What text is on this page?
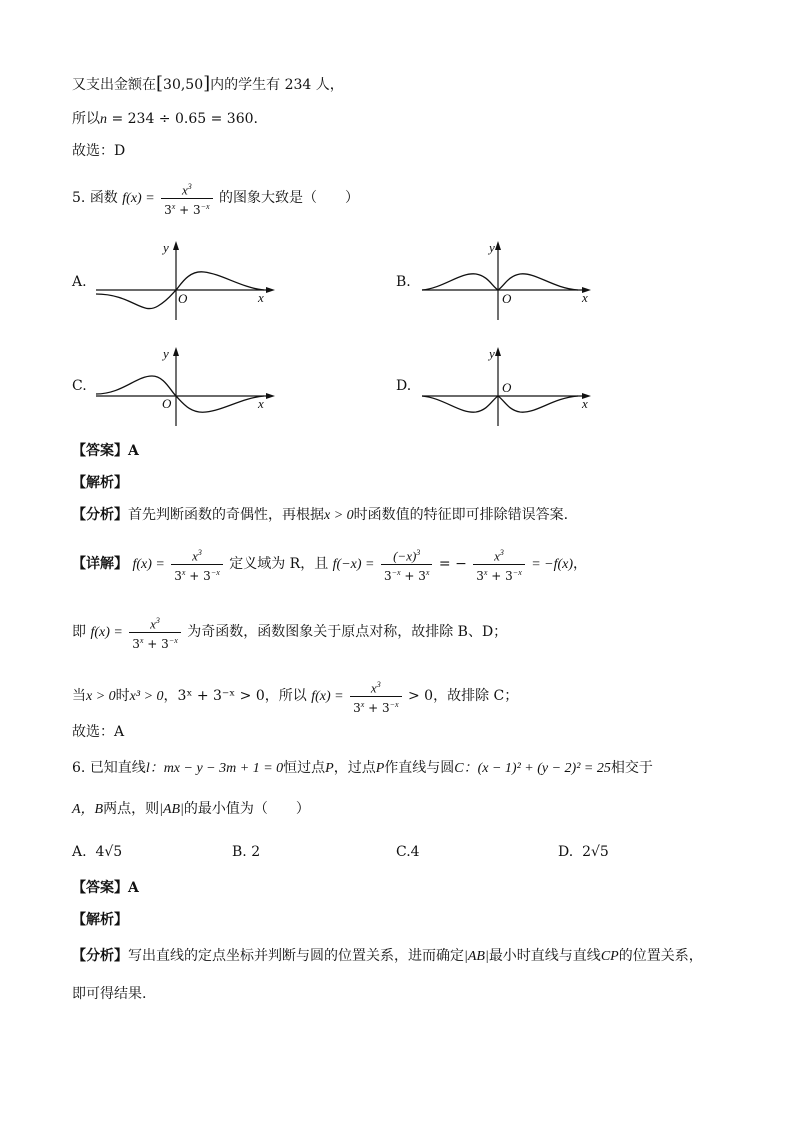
又支出金额在[30,50]内的学生有 234 人，
所以n = 234 ÷ 0.65 = 360.
故选：D
5. 函数 $f(x) = \frac{x^3}{3^x + 3^{-x}}$ 的图象大致是（　　）
A.	B.
C.	D.
y
x
O
y
x
O
y
x
O
y
x
O
【答案】A
【解析】
【分析】首先判断函数的奇偶性，再根据x > 0时函数值的特征即可排除错误答案.
【详解】 $f(x) = \frac{x^3}{3^x + 3^{-x}}$ 定义域为 R，且 $f(-x) = \frac{(-x)^3}{3^{-x} + 3^x}$ = − $\frac{x^3}{3^x + 3^{-x}} = -f(x)$，
即 $f(x) = \frac{x^3}{3^x + 3^{-x}}$ 为奇函数，函数图象关于原点对称，故排除 B、D；
当x > 0时x³ > 0，3ˣ + 3⁻ˣ > 0，所以 $f(x) = \frac{x^3}{3^x + 3^{-x}} > 0$，故排除 C；
故选：A
6. 已知直线l：mx − y − 3m + 1 = 0恒过点P，过点P作直线与圆C：(x − 1)² + (y − 2)² = 25相交于
A，B两点，则|AB|的最小值为（　　）
A. 4√5	B. 2	C.4	D. 2√5
【答案】A
【解析】
【分析】写出直线的定点坐标并判断与圆的位置关系，进而确定|AB|最小时直线与直线CP的位置关系，
即可得结果.
